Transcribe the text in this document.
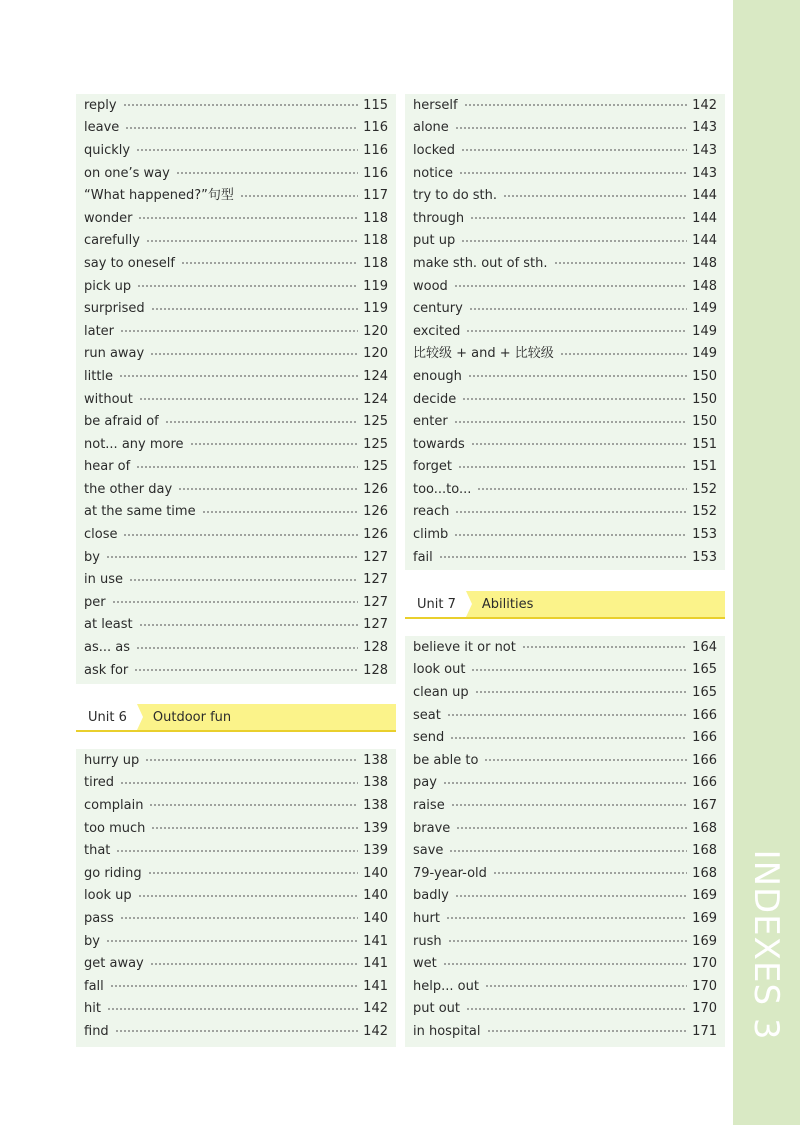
INDEXES 3
reply	115
leave	116
quickly	116
on one’s way	116
“What happened?”句型	117
wonder	118
carefully	118
say to oneself	118
pick up	119
surprised	119
later	120
run away	120
little	124
without	124
be afraid of	125
not... any more	125
hear of	125
the other day	126
at the same time	126
close	126
by	127
in use	127
per	127
at least	127
as... as	128
ask for	128
Unit 6	Outdoor fun
hurry up	138
tired	138
complain	138
too much	139
that	139
go riding	140
look up	140
pass	140
by	141
get away	141
fall	141
hit	142
find	142
herself	142
alone	143
locked	143
notice	143
try to do sth.	144
through	144
put up	144
make sth. out of sth.	148
wood	148
century	149
excited	149
比较级 + and + 比较级	149
enough	150
decide	150
enter	150
towards	151
forget	151
too...to...	152
reach	152
climb	153
fail	153
Unit 7	Abilities
believe it or not	164
look out	165
clean up	165
seat	166
send	166
be able to	166
pay	166
raise	167
brave	168
save	168
79-year-old	168
badly	169
hurt	169
rush	169
wet	170
help... out	170
put out	170
in hospital	171
